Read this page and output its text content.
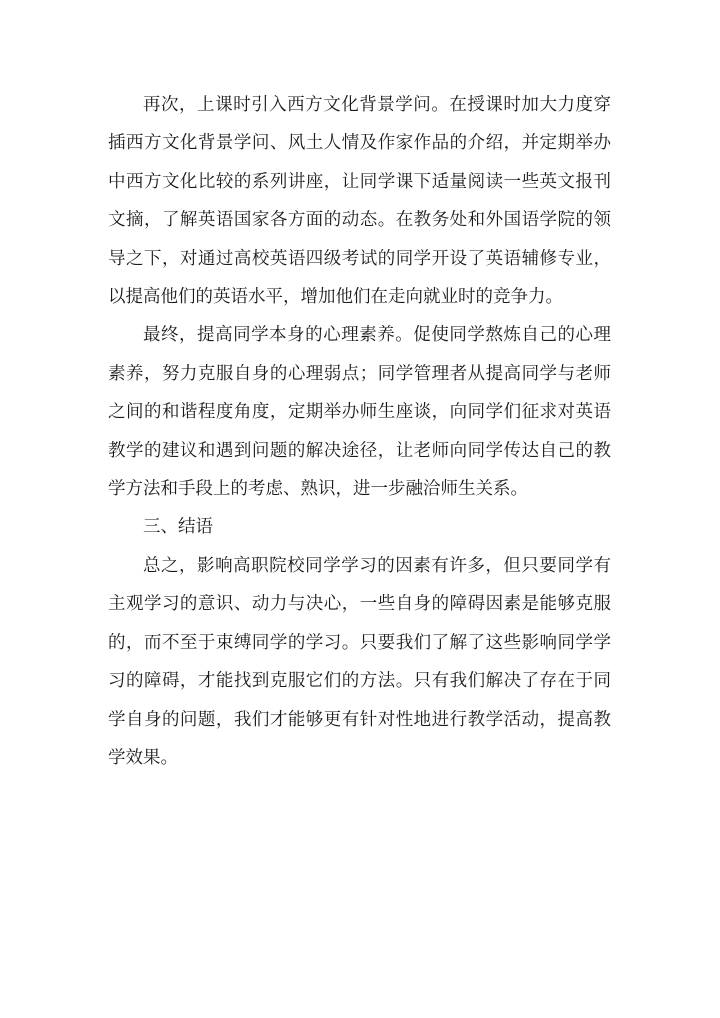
再次，上课时引入西方文化背景学问。在授课时加大力度穿插西方文化背景学问、风土人情及作家作品的介绍，并定期举办中西方文化比较的系列讲座，让同学课下适量阅读一些英文报刊文摘，了解英语国家各方面的动态。在教务处和外国语学院的领导之下，对通过高校英语四级考试的同学开设了英语辅修专业，以提高他们的英语水平，增加他们在走向就业时的竞争力。

最终，提高同学本身的心理素养。促使同学熬炼自己的心理素养，努力克服自身的心理弱点；同学管理者从提高同学与老师之间的和谐程度角度，定期举办师生座谈，向同学们征求对英语教学的建议和遇到问题的解决途径，让老师向同学传达自己的教学方法和手段上的考虑、熟识，进一步融洽师生关系。

三、结语

总之，影响高职院校同学学习的因素有许多，但只要同学有主观学习的意识、动力与决心，一些自身的障碍因素是能够克服的，而不至于束缚同学的学习。只要我们了解了这些影响同学学习的障碍，才能找到克服它们的方法。只有我们解决了存在于同学自身的问题，我们才能够更有针对性地进行教学活动，提高教学效果。
